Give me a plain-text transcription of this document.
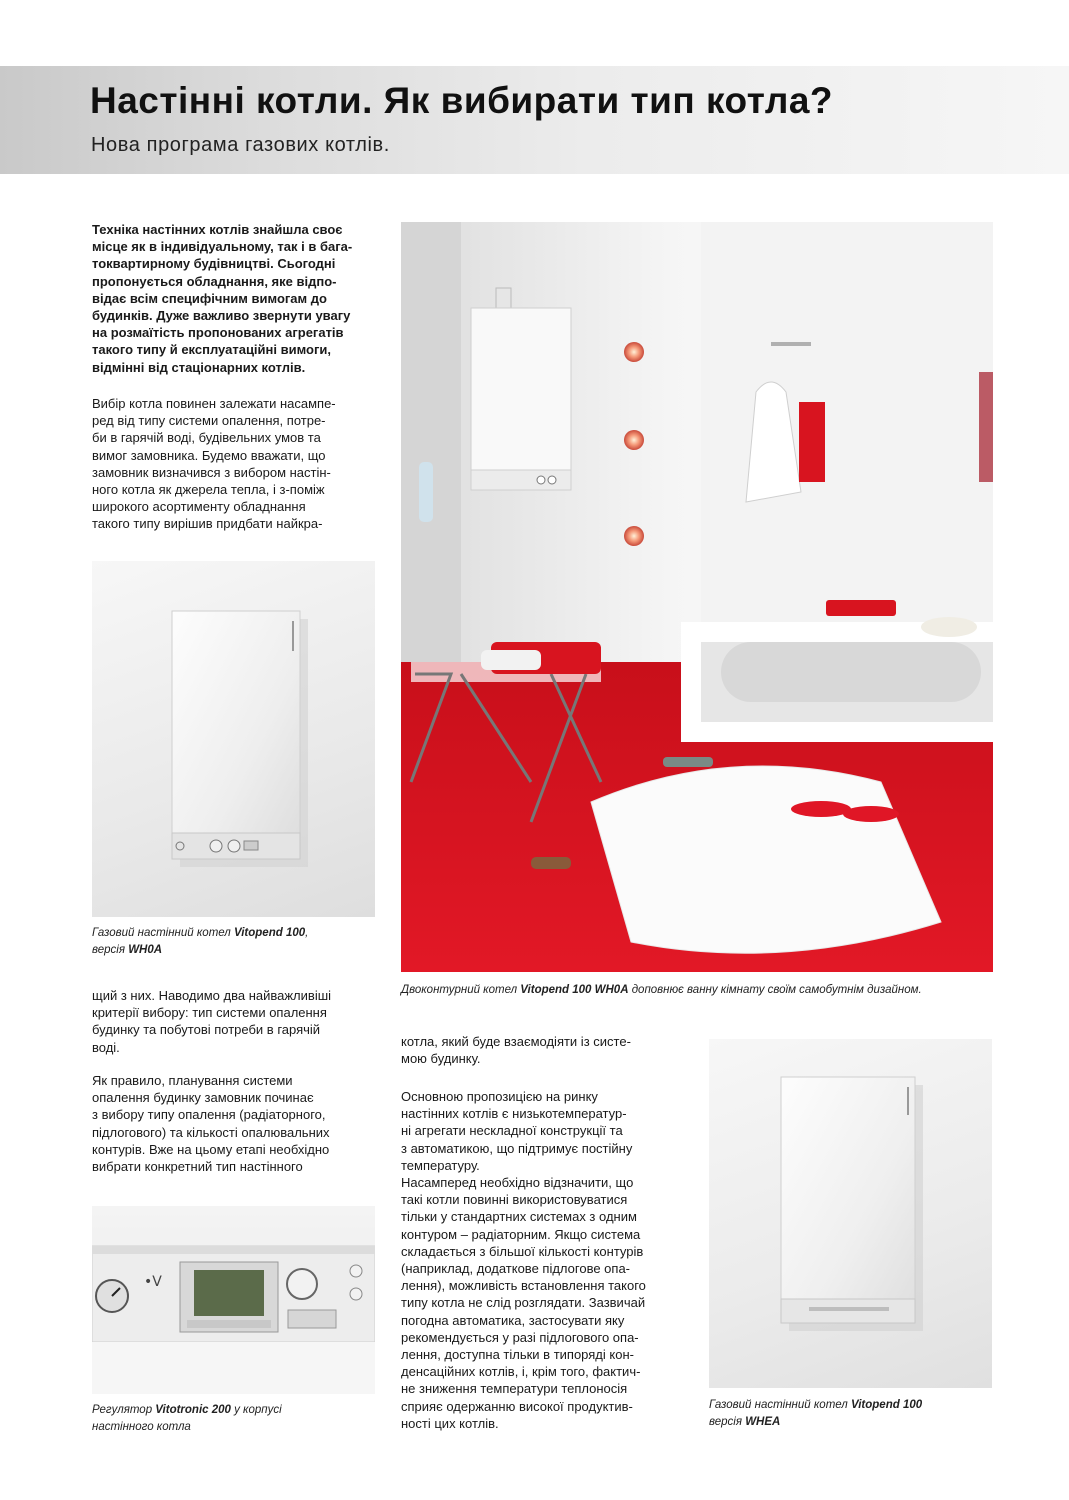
Настінні котли. Як вибирати тип котла?
Нова програма газових котлів.

Техніка настінних котлів знайшла своє
місце як в індивідуальному, так і в бага-
токвартирному будівництві. Сьогодні
пропонується обладнання, яке відпо-
відає всім специфічним вимогам до
будинків. Дуже важливо звернути увагу
на розмаїтість пропонованих агрегатів
такого типу й експлуатаційні вимоги,
відмінні від стаціонарних котлів.

Вибір котла повинен залежати насампе-
ред від типу системи опалення, потре-
би в гарячій воді, будівельних умов та
вимог замовника. Будемо вважати, що
замовник визначився з вибором настін-
ного котла як джерела тепла, і з-поміж
широкого асортименту обладнання
такого типу вирішив придбати найкра-

Газовий настінний котел Vitopend 100,
версія WH0A

щий з них. Наводимо два найважливіші
критерії вибору: тип системи опалення
будинку та побутові потреби в гарячій
воді.

Як правило, планування системи
опалення будинку замовник починає
з вибору типу опалення (радіаторного,
підлогового) та кількості опалювальних
контурів. Вже на цьому етапі необхідно
вибрати конкретний тип настінного

•V

Регулятор Vitotronic 200 у корпусі
настінного котла

Двоконтурний котел Vitopend 100 WH0A доповнює ванну кімнату своїм самобутнім дизайном.

котла, який буде взаємодіяти із систе-
мою будинку.

Основною пропозицією на ринку
настінних котлів є низькотемператур-
ні агрегати нескладної конструкції та
з автоматикою, що підтримує постійну
температуру.
Насамперед необхідно відзначити, що
такі котли повинні використовуватися
тільки у стандартних системах з одним
контуром – радіаторним. Якщо система
складається з більшої кількості контурів
(наприклад, додаткове підлогове опа-
лення), можливість встановлення такого
типу котла не слід розглядати. Зазвичай
погодна автоматика, застосувати яку
рекомендується у разі підлогового опа-
лення, доступна тільки в типоряді кон-
денсаційних котлів, і, крім того, фактич-
не зниження температури теплоносія
сприяє одержанню високої продуктив-
ності цих котлів.

Газовий настінний котел Vitopend 100
версія WHEA
